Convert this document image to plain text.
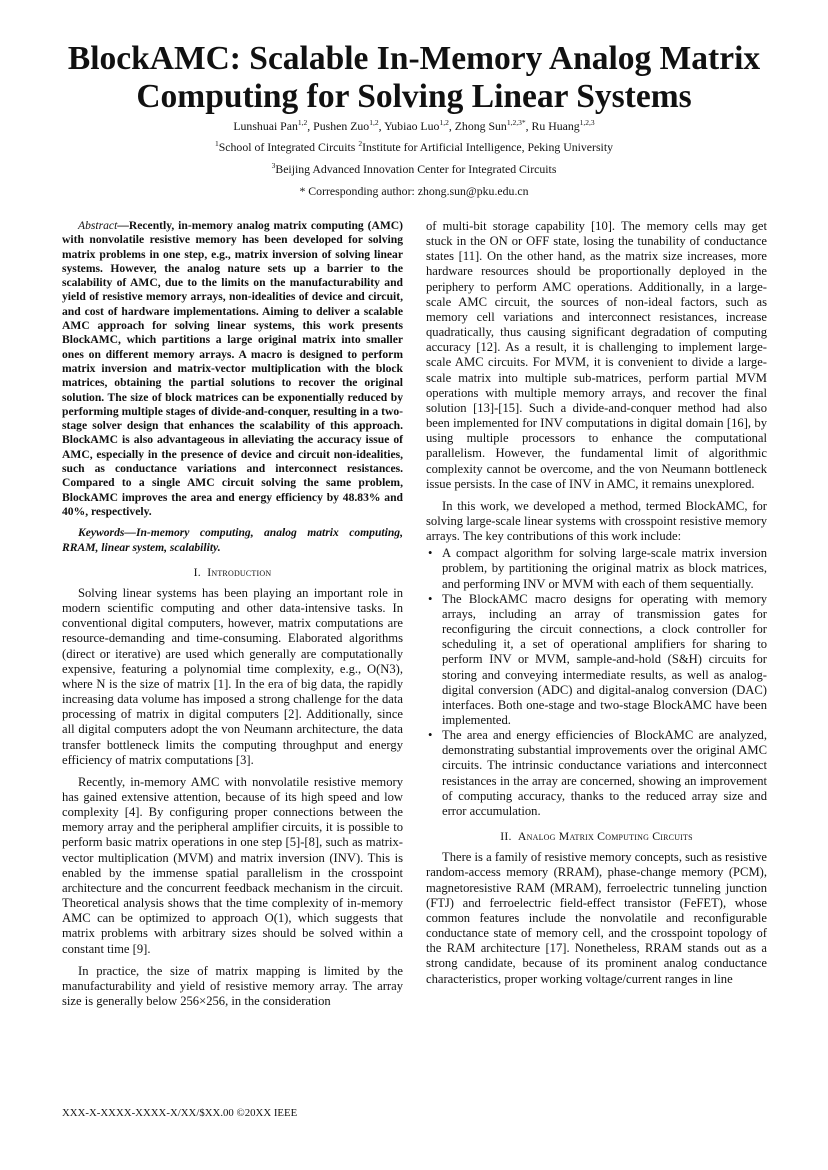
BlockAMC: Scalable In-Memory Analog Matrix
Computing for Solving Linear Systems

Lunshuai Pan$^{1,2}$, Pushen Zuo$^{1,2}$, Yubiao Luo$^{1,2}$, Zhong Sun$^{1,2,3*}$, Ru Huang$^{1,2,3}$

$^1$School of Integrated Circuits $^2$Institute for Artificial Intelligence, Peking University

$^3$Beijing Advanced Innovation Center for Integrated Circuits

* Corresponding author: zhong.sun@pku.edu.cn

Abstract—Recently, in-memory analog matrix computing (AMC) with nonvolatile resistive memory has been developed for solving matrix problems in one step, e.g., matrix inversion of solving linear systems. However, the analog nature sets up a barrier to the scalability of AMC, due to the limits on the manufacturability and yield of resistive memory arrays, non-idealities of device and circuit, and cost of hardware implementations. Aiming to deliver a scalable AMC approach for solving linear systems, this work presents BlockAMC, which partitions a large original matrix into smaller ones on different memory arrays. A macro is designed to perform matrix inversion and matrix-vector multiplication with the block matrices, obtaining the partial solutions to recover the original solution. The size of block matrices can be exponentially reduced by performing multiple stages of divide-and-conquer, resulting in a two-stage solver design that enhances the scalability of this approach. BlockAMC is also advantageous in alleviating the accuracy issue of AMC, especially in the presence of device and circuit non-idealities, such as conductance variations and interconnect resistances. Compared to a single AMC circuit solving the same problem, BlockAMC improves the area and energy efficiency by 48.83% and 40%, respectively.

Keywords—In-memory computing, analog matrix computing, RRAM, linear system, scalability.

I. Introduction

Solving linear systems has been playing an important role in modern scientific computing and other data-intensive tasks. In conventional digital computers, however, matrix computations are resource-demanding and time-consuming. Elaborated algorithms (direct or iterative) are used which generally are computationally expensive, featuring a polynomial time complexity, e.g., O(N3), where N is the size of matrix [1]. In the era of big data, the rapidly increasing data volume has imposed a strong challenge for the data processing of matrix in digital computers [2]. Additionally, since all digital computers adopt the von Neumann architecture, the data transfer bottleneck limits the computing throughput and energy efficiency of matrix computations [3].

Recently, in-memory AMC with nonvolatile resistive memory has gained extensive attention, because of its high speed and low complexity [4]. By configuring proper connections between the memory array and the peripheral amplifier circuits, it is possible to perform basic matrix operations in one step [5]-[8], such as matrix-vector multiplication (MVM) and matrix inversion (INV). This is enabled by the immense spatial parallelism in the crosspoint architecture and the concurrent feedback mechanism in the circuit. Theoretical analysis shows that the time complexity of in-memory AMC can be optimized to approach O(1), which suggests that matrix problems with arbitrary sizes should be solved within a constant time [9].

In practice, the size of matrix mapping is limited by the manufacturability and yield of resistive memory array. The array size is generally below 256×256, in the consideration

of multi-bit storage capability [10]. The memory cells may get stuck in the ON or OFF state, losing the tunability of conductance states [11]. On the other hand, as the matrix size increases, more hardware resources should be proportionally deployed in the periphery to perform AMC operations. Additionally, in a large-scale AMC circuit, the sources of non-ideal factors, such as memory cell variations and interconnect resistances, increase quadratically, thus causing significant degradation of computing accuracy [12]. As a result, it is challenging to implement large-scale AMC circuits. For MVM, it is convenient to divide a large-scale matrix into multiple sub-matrices, perform partial MVM operations with multiple memory arrays, and recover the final solution [13]-[15]. Such a divide-and-conquer method had also been implemented for INV computations in digital domain [16], by using multiple processors to enhance the computational parallelism. However, the fundamental limit of algorithmic complexity cannot be overcome, and the von Neumann bottleneck issue persists. In the case of INV in AMC, it remains unexplored.

In this work, we developed a method, termed BlockAMC, for solving large-scale linear systems with crosspoint resistive memory arrays. The key contributions of this work include:

• A compact algorithm for solving large-scale matrix inversion problem, by partitioning the original matrix as block matrices, and performing INV or MVM with each of them sequentially.
• The BlockAMC macro designs for operating with memory arrays, including an array of transmission gates for reconfiguring the circuit connections, a clock controller for scheduling it, a set of operational amplifiers for sharing to perform INV or MVM, sample-and-hold (S&H) circuits for storing and conveying intermediate results, as well as analog-digital conversion (ADC) and digital-analog conversion (DAC) interfaces. Both one-stage and two-stage BlockAMC have been implemented.
• The area and energy efficiencies of BlockAMC are analyzed, demonstrating substantial improvements over the original AMC circuits. The intrinsic conductance variations and interconnect resistances in the array are concerned, showing an improvement of computing accuracy, thanks to the reduced array size and error accumulation.
II. Analog Matrix Computing Circuits

There is a family of resistive memory concepts, such as resistive random-access memory (RRAM), phase-change memory (PCM), magnetoresistive RAM (MRAM), ferroelectric tunneling junction (FTJ) and ferroelectric field-effect transistor (FeFET), whose common features include the nonvolatile and reconfigurable conductance state of memory cell, and the crosspoint topology of the RAM architecture [17]. Nonetheless, RRAM stands out as a strong candidate, because of its prominent analog conductance characteristics, proper working voltage/current ranges in line

XXX-X-XXXX-XXXX-X/XX/$XX.00 ©20XX IEEE
